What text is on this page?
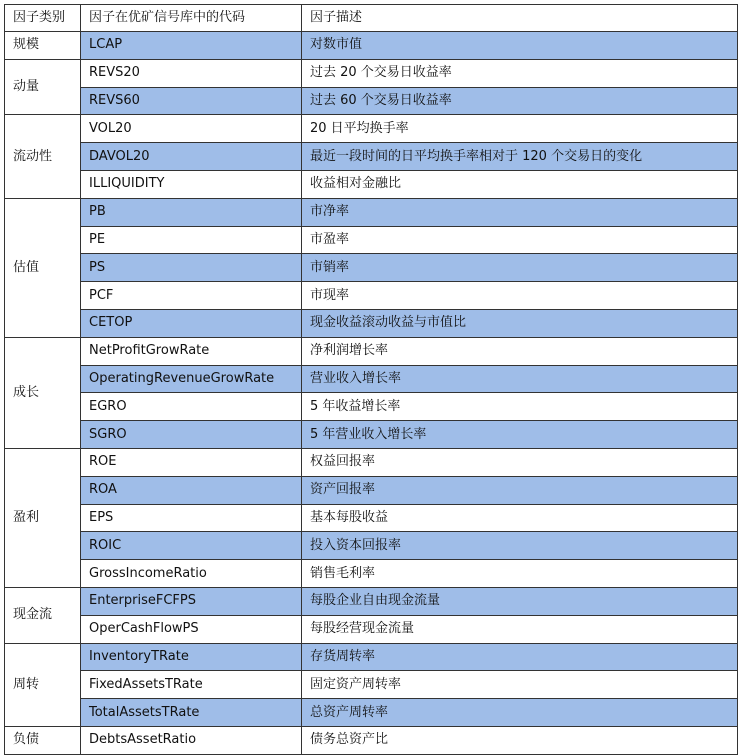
因子类别	因子在优矿信号库中的代码	因子描述
规模	LCAP	对数市值
动量	REVS20	过去 20 个交易日收益率
	REVS60	过去 60 个交易日收益率
流动性	VOL20	20 日平均换手率
	DAVOL20	最近一段时间的日平均换手率相对于 120 个交易日的变化
	ILLIQUIDITY	收益相对金融比
估值	PB	市净率
	PE	市盈率
	PS	市销率
	PCF	市现率
	CETOP	现金收益滚动收益与市值比
成长	NetProfitGrowRate	净利润增长率
	OperatingRevenueGrowRate	营业收入增长率
	EGRO	5 年收益增长率
	SGRO	5 年营业收入增长率
盈利	ROE	权益回报率
	ROA	资产回报率
	EPS	基本每股收益
	ROIC	投入资本回报率
	GrossIncomeRatio	销售毛利率
现金流	EnterpriseFCFPS	每股企业自由现金流量
	OperCashFlowPS	每股经营现金流量
周转	InventoryTRate	存货周转率
	FixedAssetsTRate	固定资产周转率
	TotalAssetsTRate	总资产周转率
负债	DebtsAssetRatio	债务总资产比
